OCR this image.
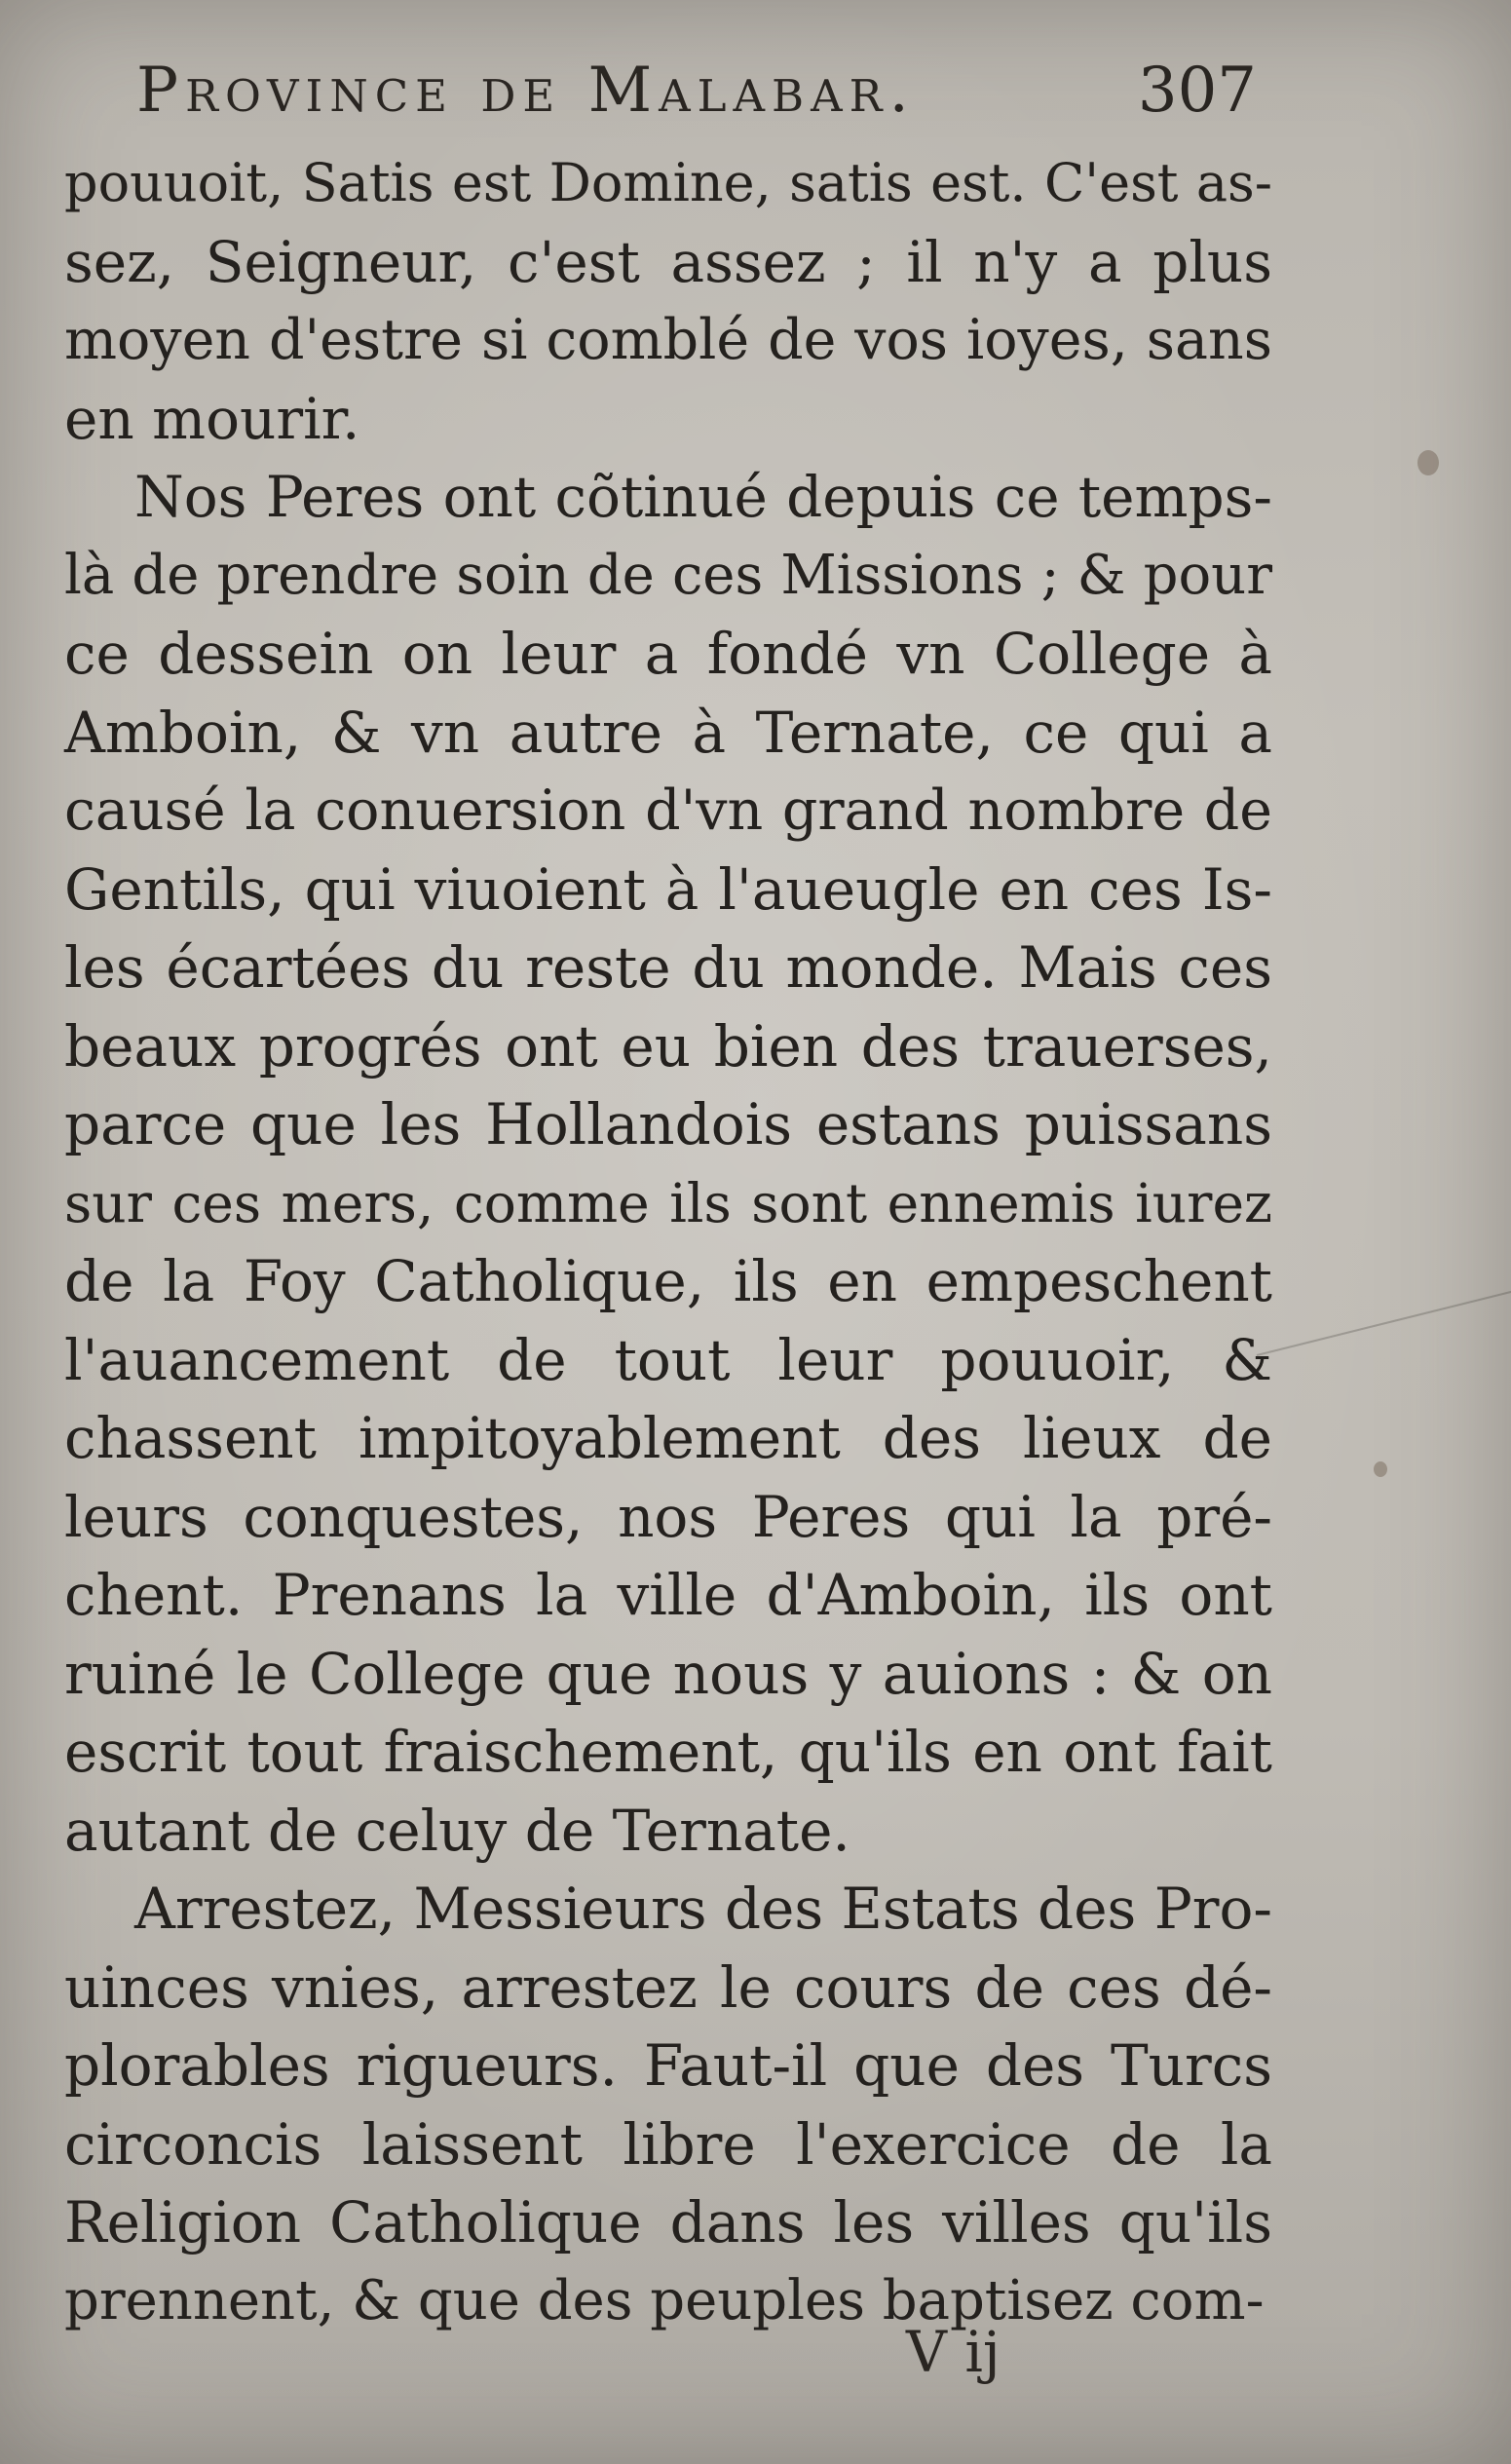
Province de Malabar.	307
pouuoit, Satis est Domine, satis est. C'est as-
sez, Seigneur, c'est assez ; il n'y a plus
moyen d'estre si comblé de vos ioyes, sans
en mourir.
Nos Peres ont cõtinué depuis ce temps-
là de prendre soin de ces Missions ; & pour
ce dessein on leur a fondé vn College à
Amboin, & vn autre à Ternate, ce qui a
causé la conuersion d'vn grand nombre de
Gentils, qui viuoient à l'aueugle en ces Is-
les écartées du reste du monde. Mais ces
beaux progrés ont eu bien des trauerses,
parce que les Hollandois estans puissans
sur ces mers, comme ils sont ennemis iurez
de la Foy Catholique, ils en empeschent
l'auancement de tout leur pouuoir, &
chassent impitoyablement des lieux de
leurs conquestes, nos Peres qui la pré-
chent. Prenans la ville d'Amboin, ils ont
ruiné le College que nous y auions : & on
escrit tout fraischement, qu'ils en ont fait
autant de celuy de Ternate.
Arrestez, Messieurs des Estats des Pro-
uinces vnies, arrestez le cours de ces dé-
plorables rigueurs. Faut-il que des Turcs
circoncis laissent libre l'exercice de la
Religion Catholique dans les villes qu'ils
prennent, & que des peuples baptisez com-
V ij
